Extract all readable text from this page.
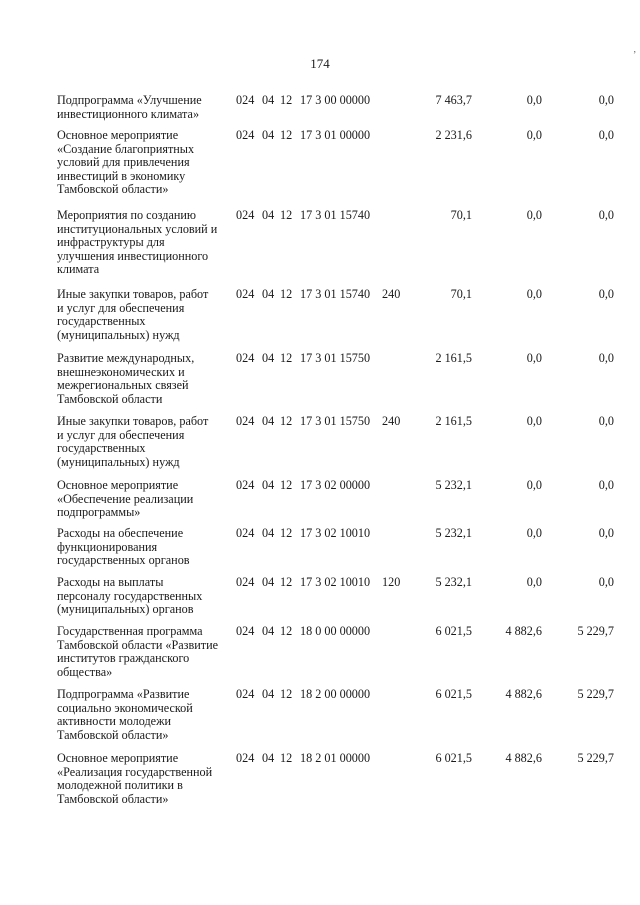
174
,
Подпрограмма «Улучшение
инвестиционного климата»
024 04 12 17 3 00 00000	7 463,7	0,0	0,0
Основное мероприятие
«Создание благоприятных
условий для привлечения
инвестиций в экономику
Тамбовской области»
024 04 12 17 3 01 00000	2 231,6	0,0	0,0
Мероприятия по созданию
институциональных условий и
инфраструктуры для
улучшения инвестиционного
климата
024 04 12 17 3 01 15740	70,1	0,0	0,0
Иные закупки товаров, работ
и услуг для обеспечения
государственных
(муниципальных) нужд
024 04 12 17 3 01 15740 240	70,1	0,0	0,0
Развитие международных,
внешнеэкономических и
межрегиональных связей
Тамбовской области
024 04 12 17 3 01 15750	2 161,5	0,0	0,0
Иные закупки товаров, работ
и услуг для обеспечения
государственных
(муниципальных) нужд
024 04 12 17 3 01 15750 240	2 161,5	0,0	0,0
Основное мероприятие
«Обеспечение реализации
подпрограммы»
024 04 12 17 3 02 00000	5 232,1	0,0	0,0
Расходы на обеспечение
функционирования
государственных органов
024 04 12 17 3 02 10010	5 232,1	0,0	0,0
Расходы на выплаты
персоналу государственных
(муниципальных) органов
024 04 12 17 3 02 10010 120	5 232,1	0,0	0,0
Государственная программа
Тамбовской области «Развитие
институтов гражданского
общества»
024 04 12 18 0 00 00000	6 021,5	4 882,6	5 229,7
Подпрограмма «Развитие
социально экономической
активности молодежи
Тамбовской области»
024 04 12 18 2 00 00000	6 021,5	4 882,6	5 229,7
Основное мероприятие
«Реализация государственной
молодежной политики в
Тамбовской области»
024 04 12 18 2 01 00000	6 021,5	4 882,6	5 229,7
